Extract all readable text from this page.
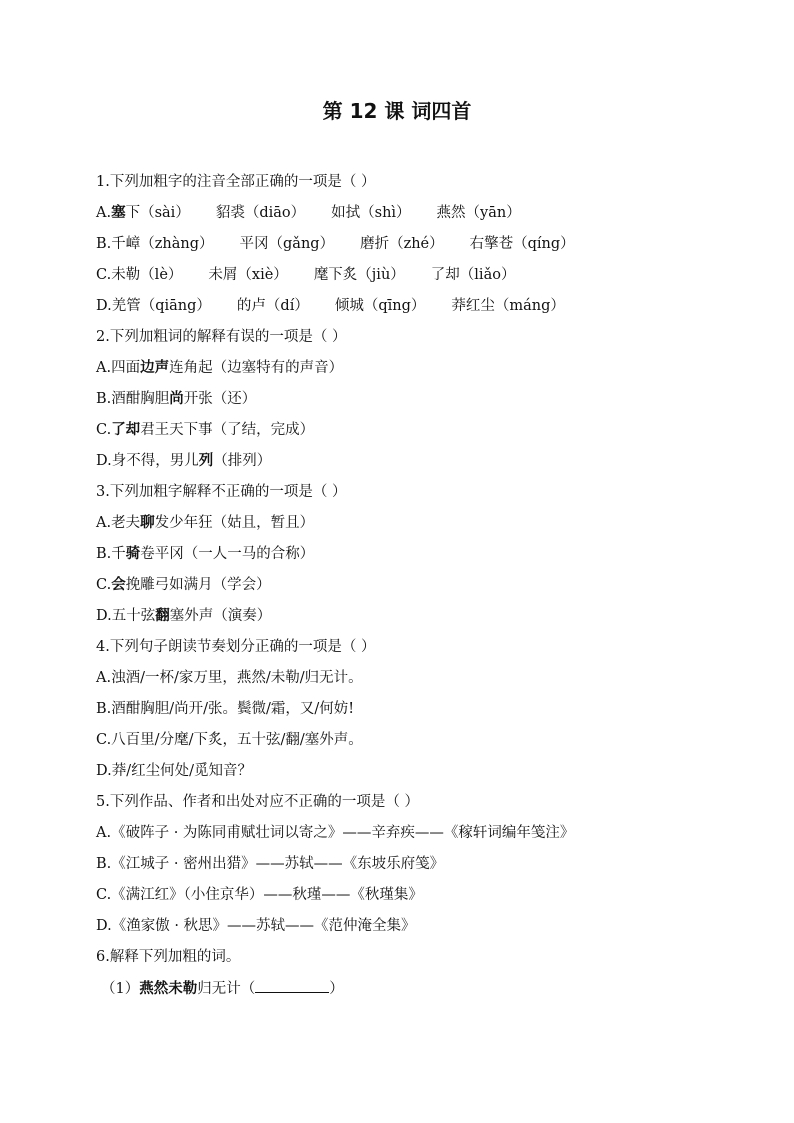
第 12 课 词四首
1.下列加粗字的注音全部正确的一项是（ ）
A.塞下（sài） 貂裘（diāo） 如拭（shì） 燕然（yān）
B.千嶂（zhàng） 平冈（gǎng） 磨折（zhé） 右擎苍（qíng）
C.未勒（lè） 未屑（xiè） 麾下炙（jiù） 了却（liǎo）
D.羌管（qiāng） 的卢（dí） 倾城（qīng） 莽红尘（máng）
2.下列加粗词的解释有误的一项是（ ）
A.四面边声连角起（边塞特有的声音）
B.酒酣胸胆尚开张（还）
C.了却君王天下事（了结，完成）
D.身不得，男儿列（排列）
3.下列加粗字解释不正确的一项是（ ）
A.老夫聊发少年狂（姑且，暂且）
B.千骑卷平冈（一人一马的合称）
C.会挽雕弓如满月（学会）
D.五十弦翻塞外声（演奏）
4.下列句子朗读节奏划分正确的一项是（ ）
A.浊酒/一杯/家万里，燕然/未勒/归无计。
B.酒酣胸胆/尚开/张。鬓微/霜，又/何妨!
C.八百里/分麾/下炙，五十弦/翻/塞外声。
D.莽/红尘何处/觅知音？
5.下列作品、作者和出处对应不正确的一项是（ ）
A.《破阵子 · 为陈同甫赋壮词以寄之》——辛弃疾——《稼轩词编年笺注》
B.《江城子 · 密州出猎》——苏轼——《东坡乐府笺》
C.《满江红》（小住京华）——秋瑾——《秋瑾集》
D.《渔家傲 · 秋思》——苏轼——《范仲淹全集》
6.解释下列加粗的词。
（1）燕然未勒归无计（	）
